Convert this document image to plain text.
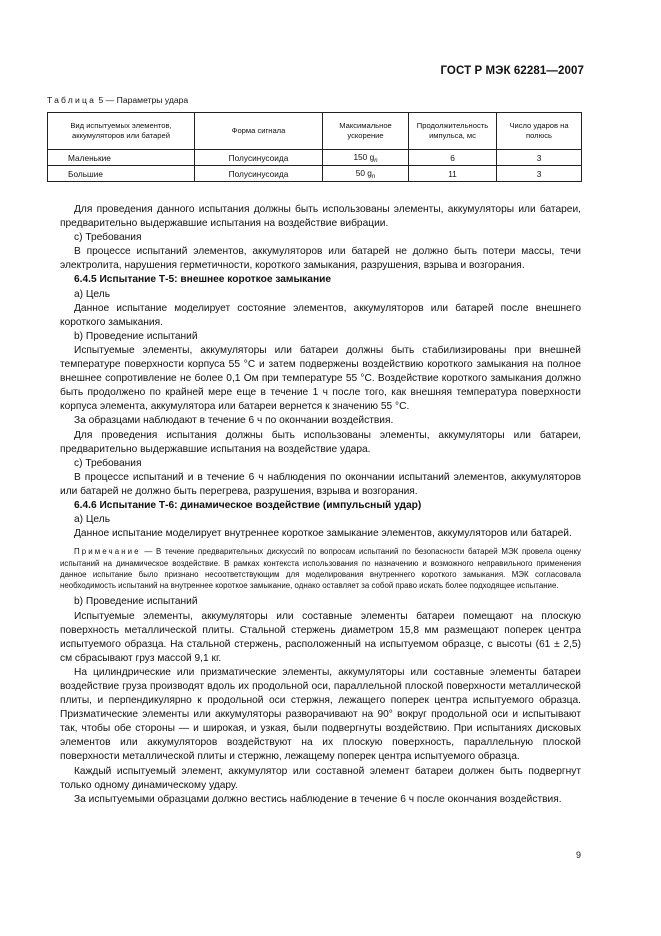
ГОСТ Р МЭК 62281—2007
Таблица 5 — Параметры удара
Вид испытуемых элементов, аккумуляторов или батарей	Форма сигнала	Максимальное ускорение	Продолжительность импульса, мс	Число ударов на полюсь
Маленькие	Полусинусоида	150 $g_n$	6	3
Большие	Полусинусоида	50 $g_n$	11	3

Для проведения данного испытания должны быть использованы элементы, аккумуляторы или батареи, предварительно выдержавшие испытания на воздействие вибрации.

c) Требования

В процессе испытаний элементов, аккумуляторов или батарей не должно быть потери массы, течи электролита, нарушения герметичности, короткого замыкания, разрушения, взрыва и возгорания.

6.4.5 Испытание Т-5: внешнее короткое замыкание

a) Цель

Данное испытание моделирует состояние элементов, аккумуляторов или батарей после внешнего короткого замыкания.

b) Проведение испытаний

Испытуемые элементы, аккумуляторы или батареи должны быть стабилизированы при внешней температуре поверхности корпуса 55 °С и затем подвержены воздействию короткого замыкания на полное внешнее сопротивление не более 0,1 Ом при температуре 55 °С. Воздействие короткого замыкания должно быть продолжено по крайней мере еще в течение 1 ч после того, как внешняя температура поверхности корпуса элемента, аккумулятора или батареи вернется к значению 55 °С.

За образцами наблюдают в течение 6 ч по окончании воздействия.

Для проведения испытания должны быть использованы элементы, аккумуляторы или батареи, предварительно выдержавшие испытания на воздействие удара.

c) Требования

В процессе испытаний и в течение 6 ч наблюдения по окончании испытаний элементов, аккумуляторов или батарей не должно быть перегрева, разрушения, взрыва и возгорания.

6.4.6 Испытание Т-6: динамическое воздействие (импульсный удар)

a) Цель

Данное испытание моделирует внутреннее короткое замыкание элементов, аккумуляторов или батарей.

Примечание — В течение предварительных дискуссий по вопросам испытаний по безопасности батарей МЭК провела оценку испытаний на динамическое воздействие. В рамках контекста использования по назначению и возможного неправильного применения данное испытание было признано несоответствующим для моделирования внутреннего короткого замыкания. МЭК согласовала необходимость испытаний на внутреннее короткое замыкание, однако оставляет за собой право искать более подходящее испытание.

b) Проведение испытаний

Испытуемые элементы, аккумуляторы или составные элементы батареи помещают на плоскую поверхность металлической плиты. Стальной стержень диаметром 15,8 мм размещают поперек центра испытуемого образца. На стальной стержень, расположенный на испытуемом образце, с высоты (61 ± 2,5) см сбрасывают груз массой 9,1 кг.

На цилиндрические или призматические элементы, аккумуляторы или составные элементы батареи воздействие груза производят вдоль их продольной оси, параллельной плоской поверхности металлической плиты, и перпендикулярно к продольной оси стержня, лежащего поперек центра испытуемого образца. Призматические элементы или аккумуляторы разворачивают на 90° вокруг продольной оси и испытывают так, чтобы обе стороны — и широкая, и узкая, были подвергнуты воздействию. При испытаниях дисковых элементов или аккумуляторов воздействуют на их плоскую поверхность, параллельную плоской поверхности металлической плиты и стержню, лежащему поперек центра испытуемого образца.

Каждый испытуемый элемент, аккумулятор или составной элемент батареи должен быть подвергнут только одному динамическому удару.

За испытуемыми образцами должно вестись наблюдение в течение 6 ч после окончания воздействия.

9
